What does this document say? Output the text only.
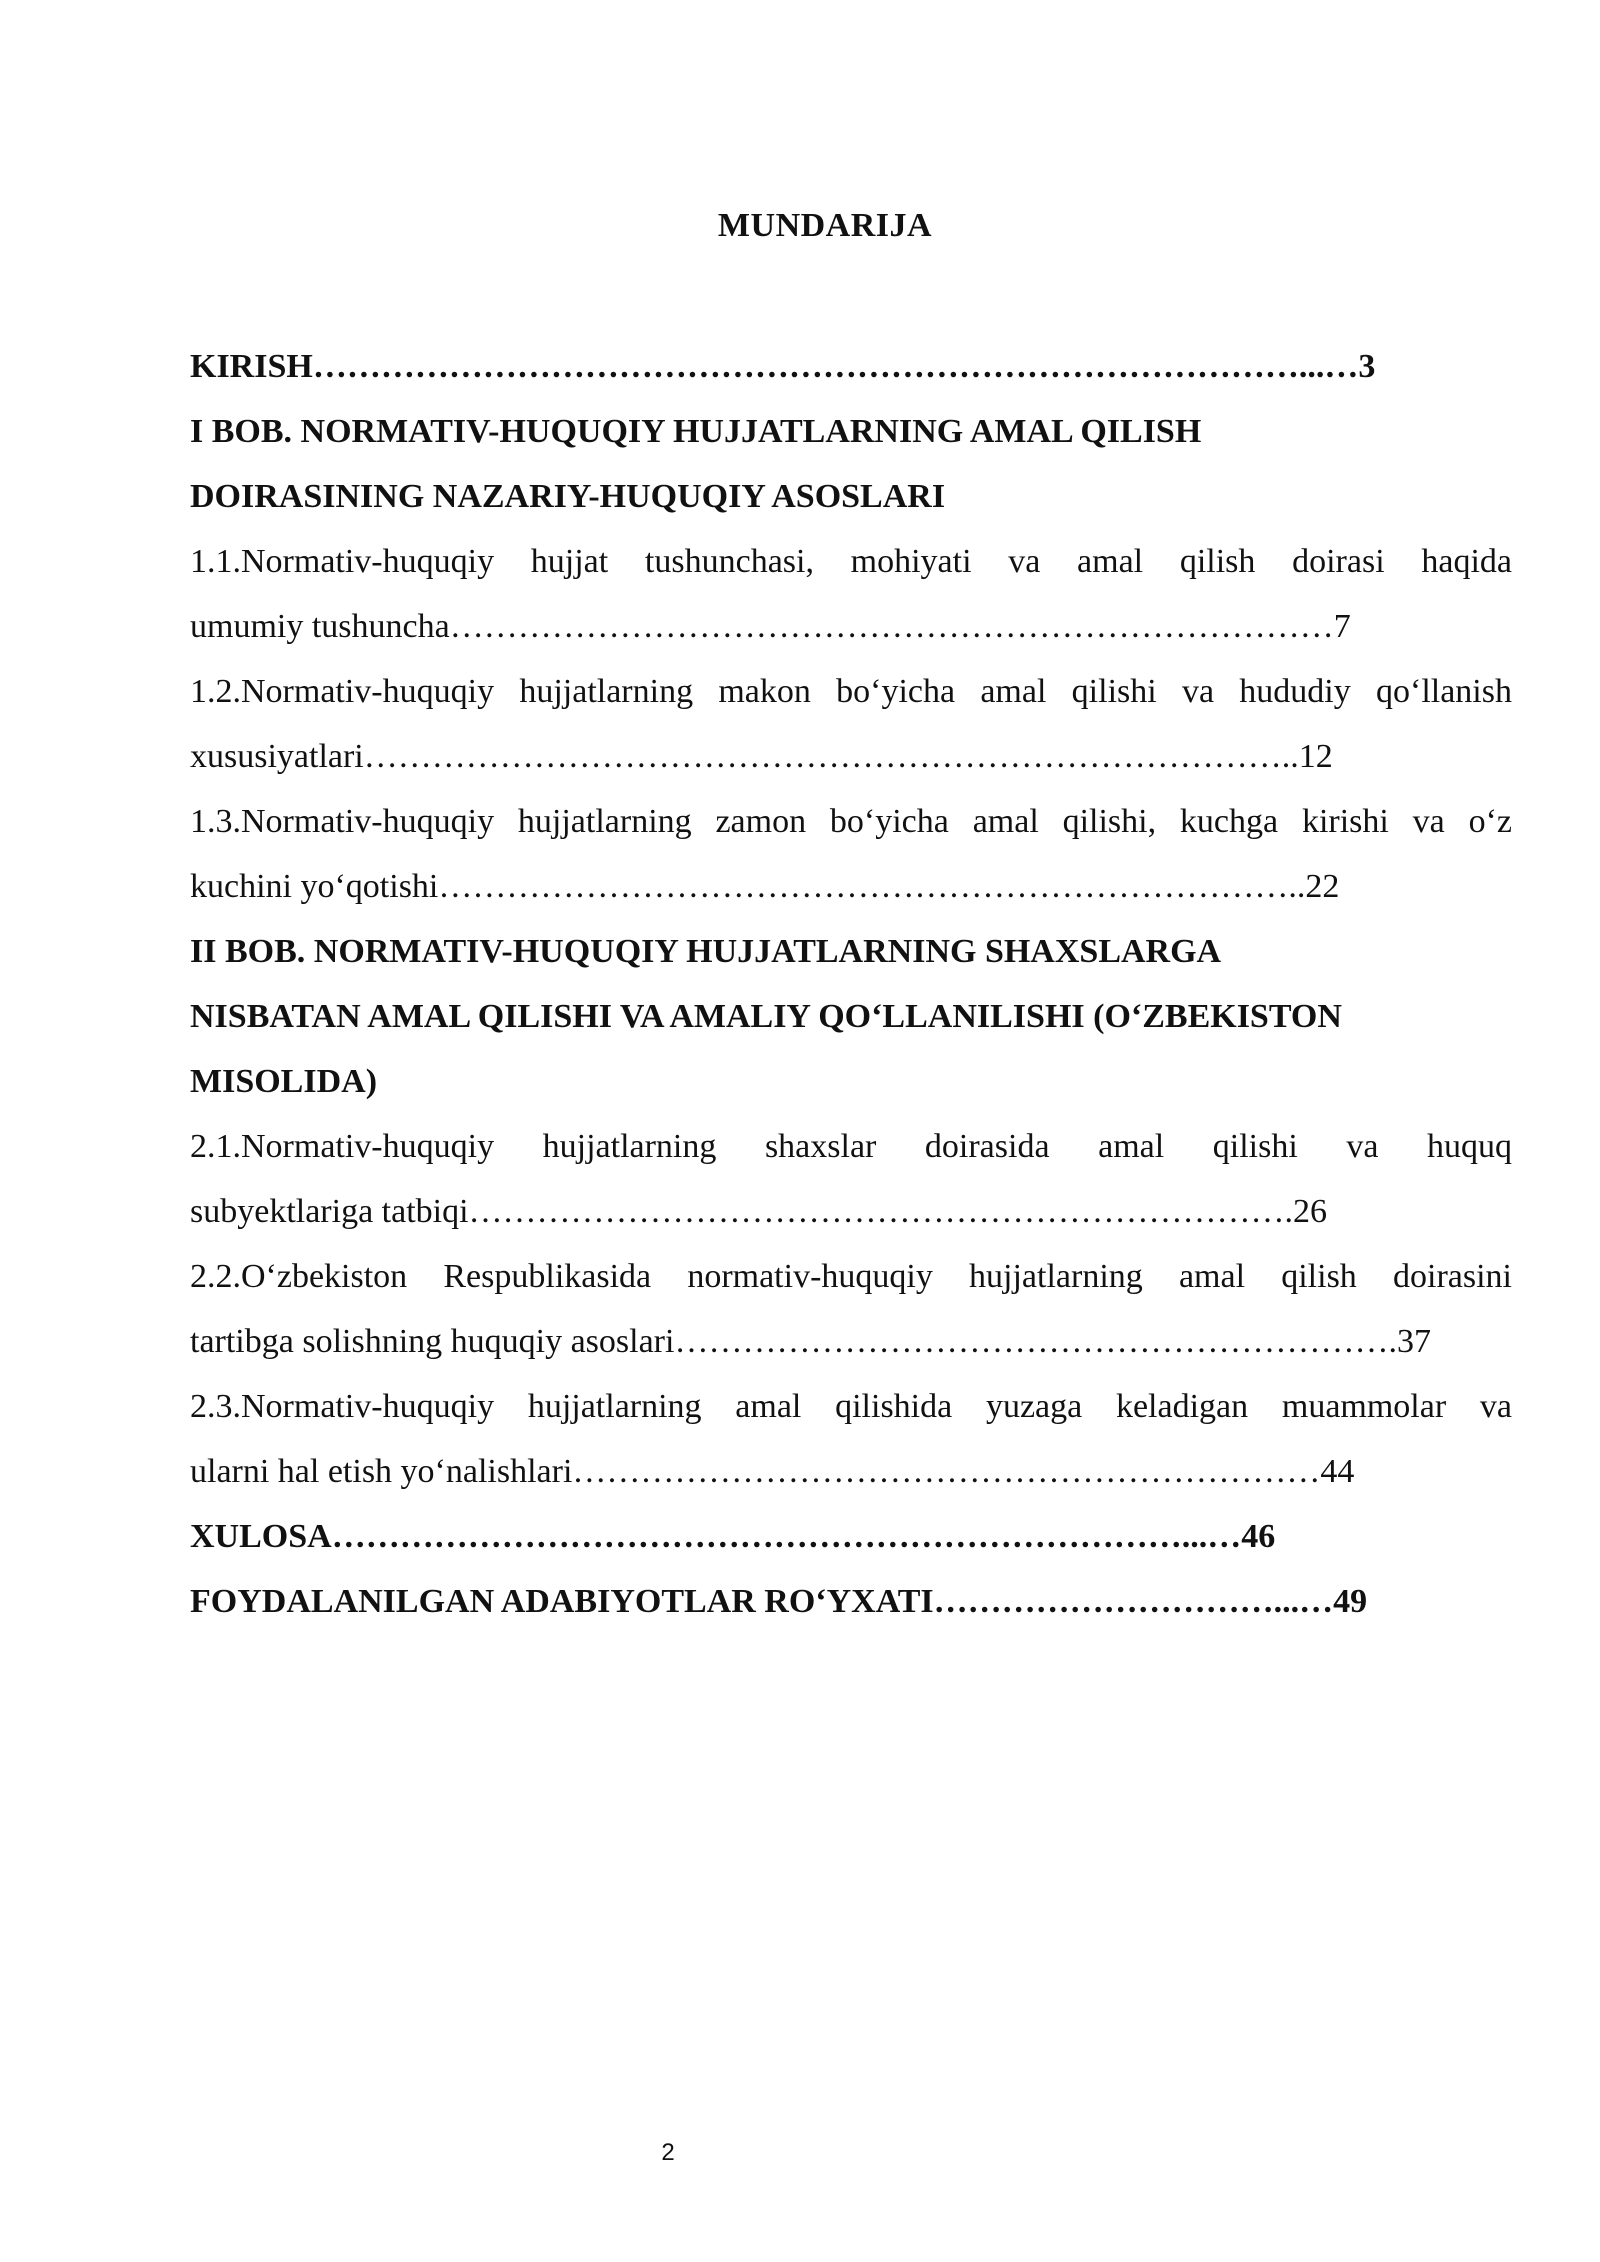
MUNDARIJA
KIRISH……………………………………………………………………………...…3
I BOB. NORMATIV-HUQUQIY HUJJATLARNING AMAL QILISH
DOIRASINING NAZARIY-HUQUQIY ASOSLARI
1.1.Normativ-huquqiy hujjat tushunchasi, mohiyati va amal qilish doirasi haqida
umumiy tushuncha……………………………………………………………………7
1.2.Normativ-huquqiy hujjatlarning makon bo‘yicha amal qilishi va hududiy qo‘llanish
xususiyatlari………………………………………………………………………..12
1.3.Normativ-huquqiy hujjatlarning zamon bo‘yicha amal qilishi, kuchga kirishi va o‘z
kuchini yo‘qotishi…………………………………………………………………..22
II BOB. NORMATIV-HUQUQIY HUJJATLARNING SHAXSLARGA
NISBATAN AMAL QILISHI VA AMALIY QO‘LLANILISHI (O‘ZBEKISTON
MISOLIDA)
2.1.Normativ-huquqiy hujjatlarning shaxslar doirasida amal qilishi va huquq
subyektlariga tatbiqi……………………………………………………………….26
2.2.O‘zbekiston Respublikasida normativ-huquqiy hujjatlarning amal qilish doirasini
tartibga solishning huquqiy asoslari……………………………………………………….37
2.3.Normativ-huquqiy hujjatlarning amal qilishida yuzaga keladigan muammolar va
ularni hal etish yo‘nalishlari…………………………………………………………44
XULOSA…………………………………………………………………...…46
FOYDALANILGAN ADABIYOTLAR RO‘YXATI…………………………...…49
2
